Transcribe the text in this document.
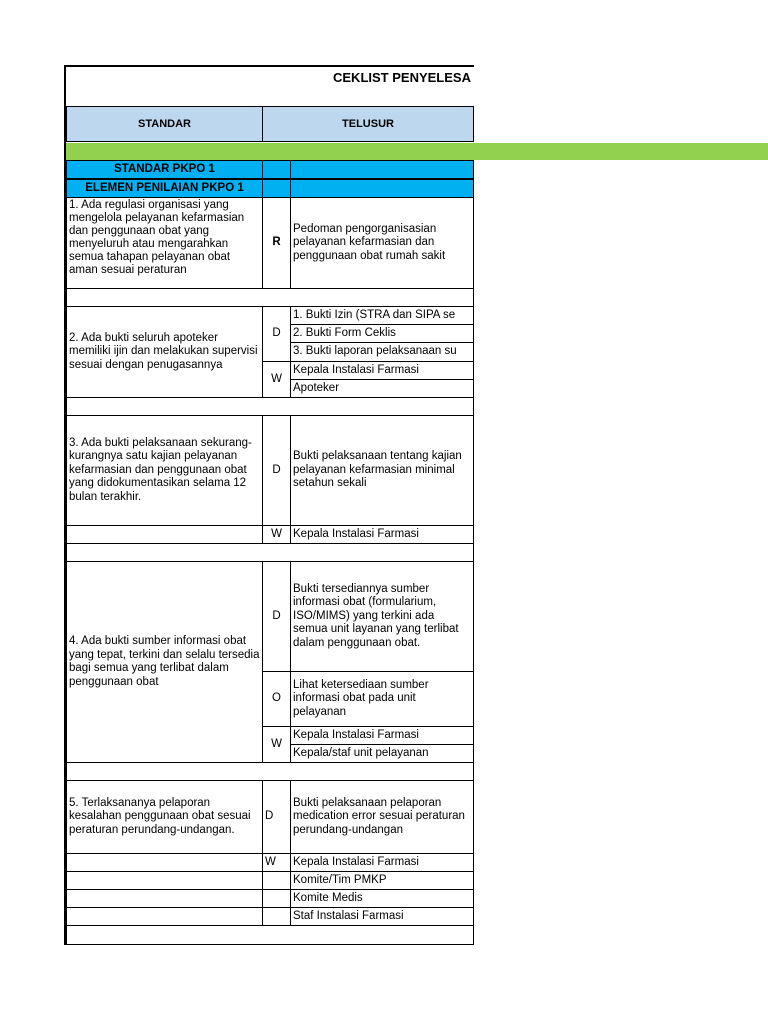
CEKLIST PENYELESA
STANDAR	TELUSUR
STANDAR PKPO 1
ELEMEN PENILAIAN PKPO 1
1. Ada regulasi organisasi yang mengelola pelayanan kefarmasian dan penggunaan obat yang menyeluruh atau mengarahkan semua tahapan pelayanan obat aman sesuai peraturan
R
Pedoman pengorganisasian pelayanan kefarmasian dan penggunaan obat rumah sakit
2. Ada bukti seluruh apoteker memiliki ijin dan melakukan supervisi sesuai dengan penugasannya
D
1. Bukti Izin (STRA dan SIPA se
2. Bukti Form Ceklis
3. Bukti laporan pelaksanaan su
W
Kepala Instalasi Farmasi
Apoteker
3. Ada bukti pelaksanaan sekurang-kurangnya satu kajian pelayanan kefarmasian dan penggunaan obat yang didokumentasikan selama 12 bulan terakhir.
D
Bukti pelaksanaan tentang kajian pelayanan kefarmasian minimal setahun sekali
W Kepala Instalasi Farmasi
4. Ada bukti sumber informasi obat yang tepat, terkini dan selalu tersedia bagi semua yang terlibat dalam penggunaan obat
D
Bukti tersediannya sumber informasi obat (formularium, ISO/MIMS) yang terkini ada semua unit layanan yang terlibat dalam penggunaan obat.
O
Lihat ketersediaan sumber informasi obat pada unit pelayanan
W
Kepala Instalasi Farmasi
Kepala/staf unit pelayanan
5. Terlaksananya pelaporan kesalahan penggunaan obat sesuai peraturan perundang-undangan.
D
Bukti pelaksanaan pelaporan medication error sesuai peraturan perundang-undangan
W Kepala Instalasi Farmasi
Komite/Tim PMKP
Komite Medis
Staf Instalasi Farmasi
